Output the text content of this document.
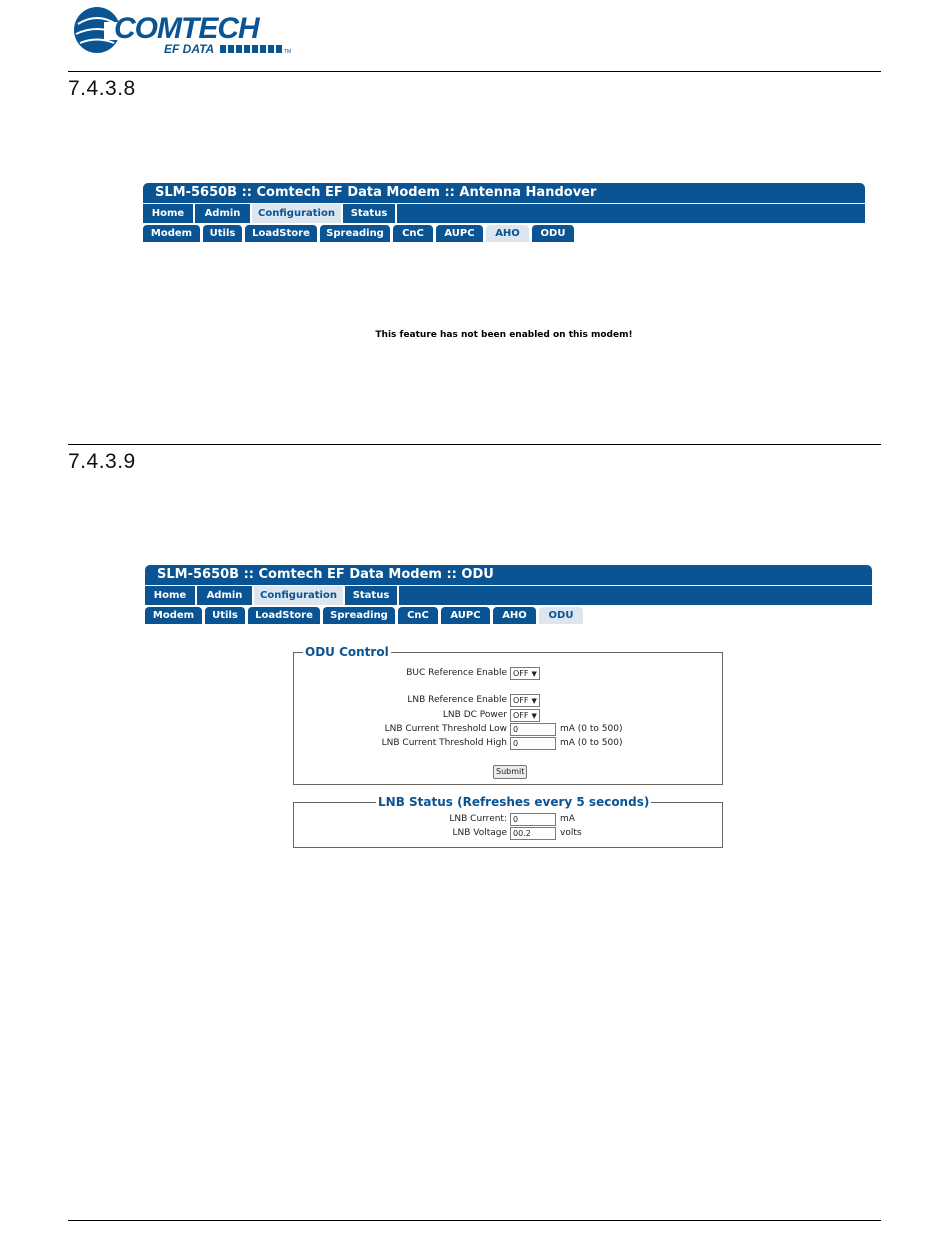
COMTECH
EF DATA	TM
7.4.3.8
SLM-5650B :: Comtech EF Data Modem :: Antenna Handover
Home	Admin	Configuration	Status
Modem	Utils	LoadStore	Spreading	CnC	AUPC	AHO	ODU
This feature has not been enabled on this modem!
7.4.3.9
SLM-5650B :: Comtech EF Data Modem :: ODU
Home	Admin	Configuration	Status
Modem	Utils	LoadStore	Spreading	CnC	AUPC	AHO	ODU
ODU Control
BUC Reference Enable OFF ▼
LNB Reference Enable OFF ▼
LNB DC Power OFF ▼
LNB Current Threshold Low 0	mA (0 to 500)
LNB Current Threshold High 0	mA (0 to 500)
Submit
LNB Status (Refreshes every 5 seconds)
LNB Current: 0	mA
LNB Voltage 00.2	volts
